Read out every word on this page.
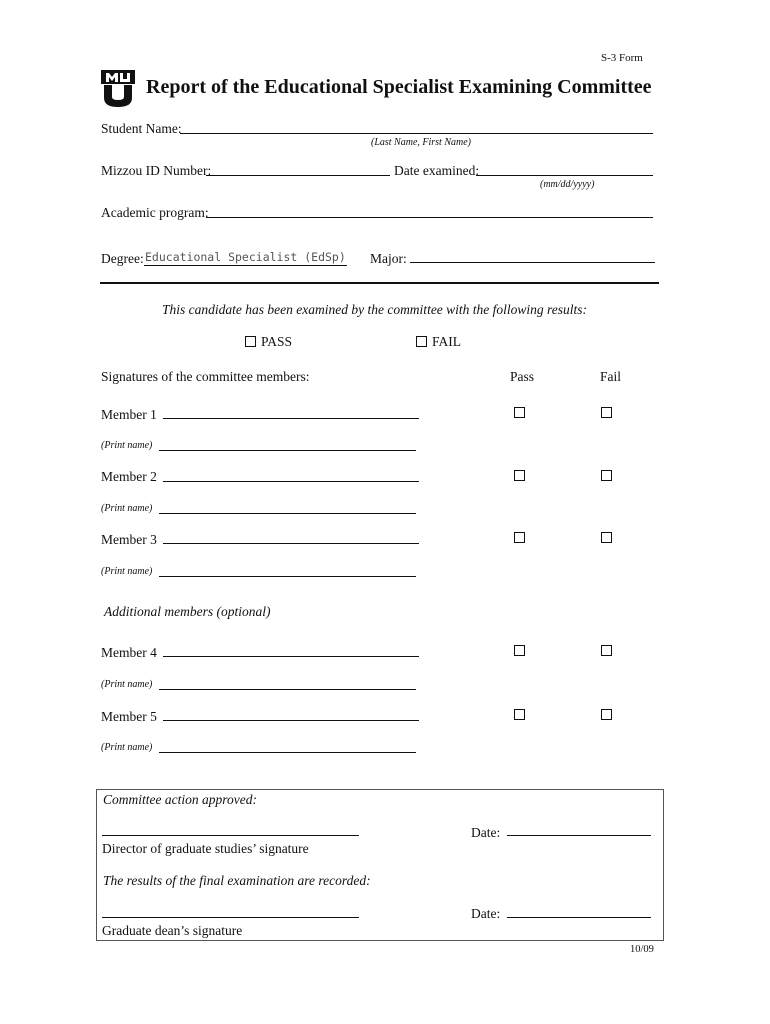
S-3 Form
Report of the Educational Specialist Examining Committee
Student Name:
(Last Name, First Name)
Mizzou ID Number:	Date examined:
(mm/dd/yyyy)
Academic program:
Degree: Educational Specialist (EdSp) Major:
This candidate has been examined by the committee with the following results:
PASS	FAIL
Signatures of the committee members:	Pass	Fail
Member 1
(Print name)
Member 2
(Print name)
Member 3
(Print name)
Additional members (optional)
Member 4
(Print name)
Member 5
(Print name)
Committee action approved:
Date:
Director of graduate studies’ signature
The results of the final examination are recorded:
Date:
Graduate dean’s signature
10/09
